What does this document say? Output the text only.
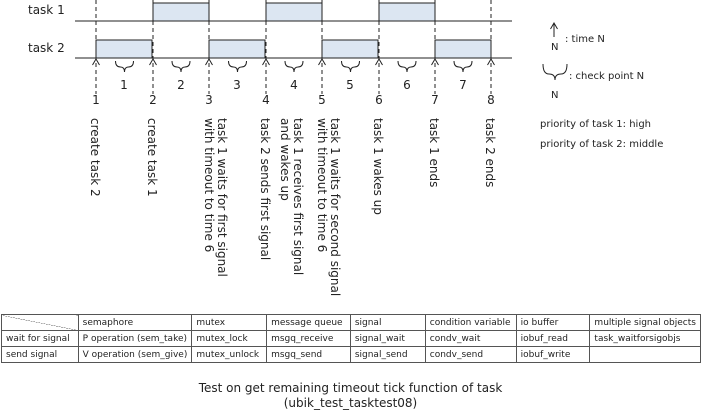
task 1
task 2
1	2	3	4	5	6	7	8
1	2	3	4	5	6	7
create task 2	create task 1	task 1 waits for first signal with timeout to time 6	task 2 sends first signal	task 1 receives first signal and wakes up	task 1 waits for second signal with timeout to time 6	task 1 wakes up	task 1 ends	task 2 ends
N
: time N
N
: check point N
priority of task 1: high
priority of task 2: middle
	semaphore	mutex	message queue	signal	condition variable	io buffer	multiple signal objects
wait for signal	P operation (sem_take)	mutex_lock	msgq_receive	signal_wait	condv_wait	iobuf_read	task_waitforsigobjs
send signal	V operation (sem_give)	mutex_unlock	msgq_send	signal_send	condv_send	iobuf_write	
Test on get remaining timeout tick function of task
(ubik_test_tasktest08)
